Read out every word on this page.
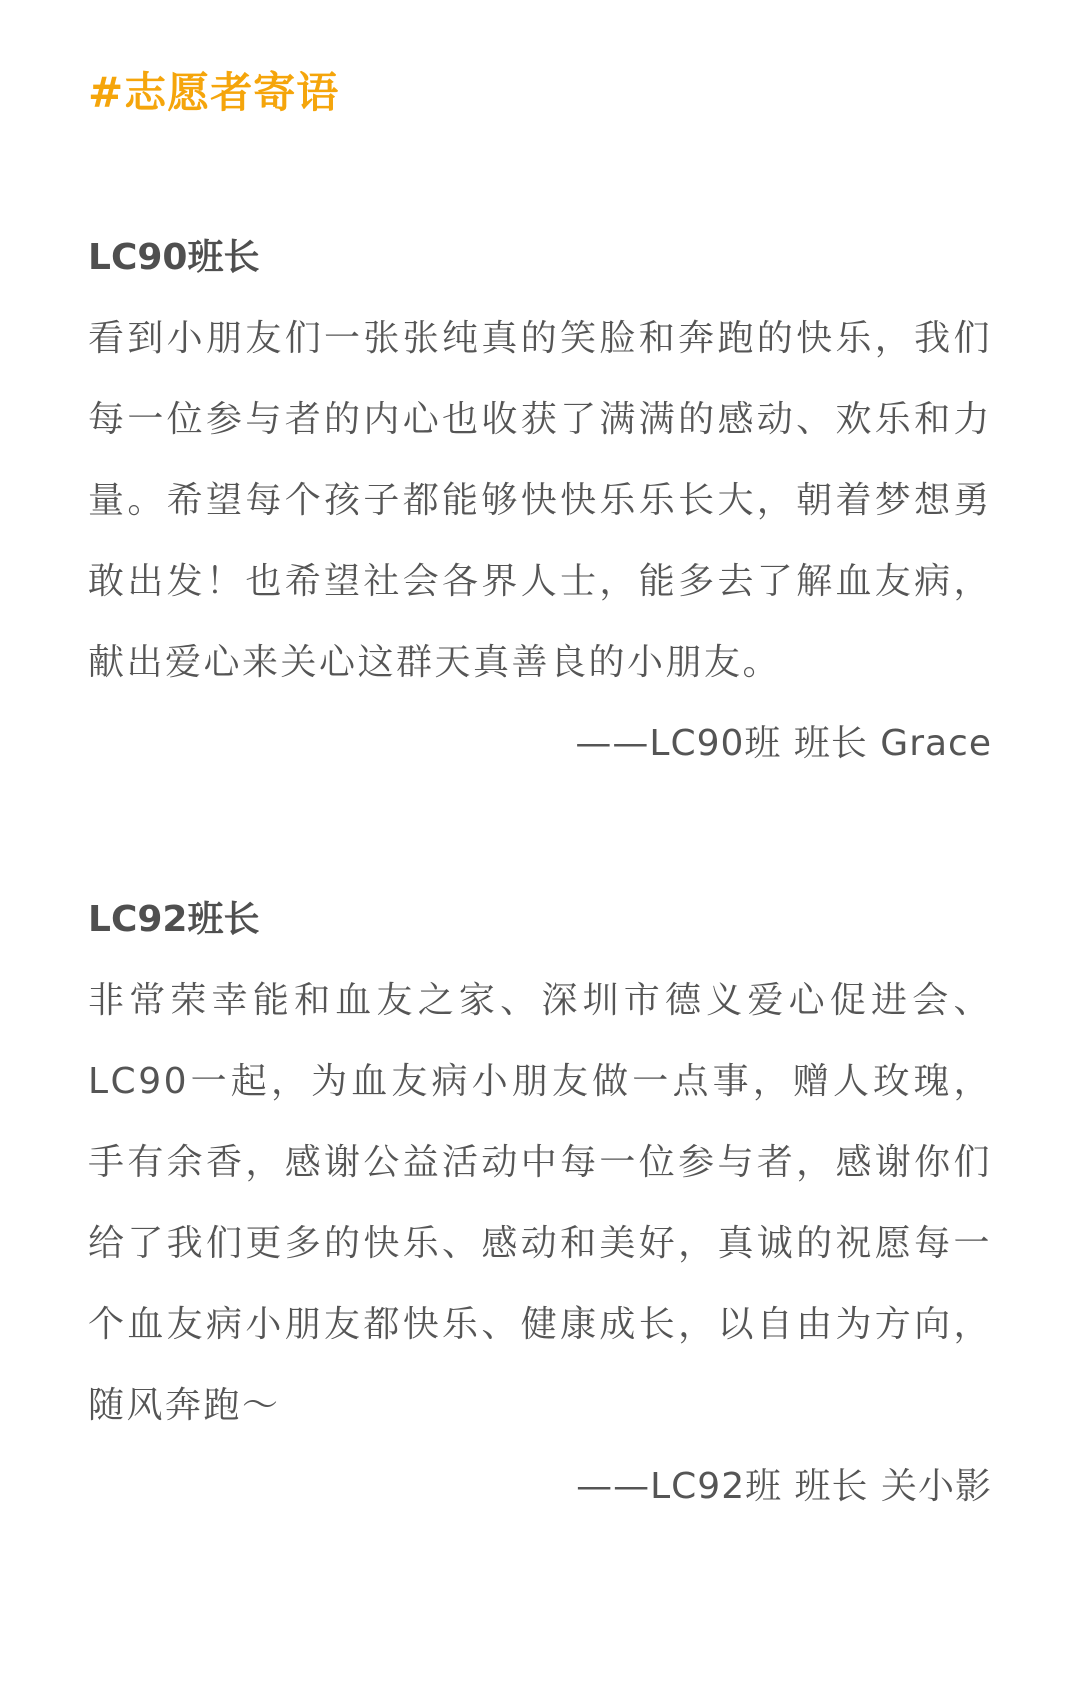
#志愿者寄语
LC90班长

看到小朋友们一张张纯真的笑脸和奔跑的快乐，我们每一位参与者的内心也收获了满满的感动、欢乐和力量。希望每个孩子都能够快快乐乐长大，朝着梦想勇敢出发！也希望社会各界人士，能多去了解血友病，献出爱心来关心这群天真善良的小朋友。

——LC90班 班长 Grace

LC92班长

非常荣幸能和血友之家、深圳市德义爱心促进会、LC90一起，为血友病小朋友做一点事，赠人玫瑰，手有余香，感谢公益活动中每一位参与者，感谢你们给了我们更多的快乐、感动和美好，真诚的祝愿每一个血友病小朋友都快乐、健康成长，以自由为方向，随风奔跑～

——LC92班 班长 关小影
